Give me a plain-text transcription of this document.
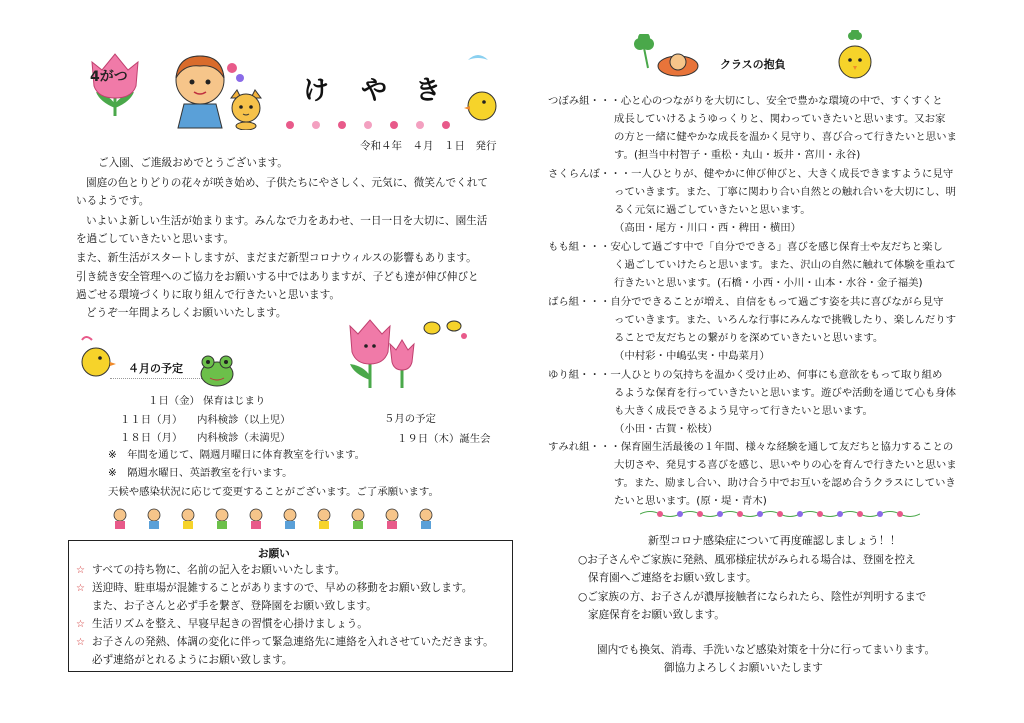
4がつ	け や き
令和４年　４月　１日　発行
ご入園、ご進級おめでとうございます。
園庭の色とりどりの花々が咲き始め、子供たちにやさしく、元気に、微笑んでくれて
いるようです。
いよいよ新しい生活が始まります。みんなで力をあわせ、一日一日を大切に、園生活
を過ごしていきたいと思います。
また、新生活がスタートしますが、まだまだ新型コロナウィルスの影響もあります。
引き続き安全管理へのご協力をお願いする中ではありますが、子ども達が伸び伸びと
過ごせる環境づくりに取り組んで行きたいと思います。
どうぞ一年間よろしくお願いいたします。
４月の予定
１日（金） 保育はじまり
１１日（月） 内科検診（以上児）
１８日（月） 内科検診（未満児）
５月の予定
１９日（木）誕生会
※　年間を通じて、隔週月曜日に体育教室を行います。
※　隔週水曜日、英語教室を行います。
天候や感染状況に応じて変更することがございます。ご了承願います。
お願い
☆ すべての持ち物に、名前の記入をお願いいたします。
☆ 送迎時、駐車場が混雑することがありますので、早めの移動をお願い致します。
また、お子さんと必ず手を繋ぎ、登降園をお願い致します。
☆ 生活リズムを整え、早寝早起きの習慣を心掛けましょう。
☆ お子さんの発熱、体調の変化に伴って緊急連絡先に連絡を入れさせていただきます。
必ず連絡がとれるようにお願い致します。
クラスの抱負
つぼみ組・・・心と心のつながりを大切にし、安全で豊かな環境の中で、すくすくと
成長していけるようゆっくりと、関わっていきたいと思います。又お家
の方と一緒に健やかな成長を温かく見守り、喜び合って行きたいと思いま
す。(担当中村智子・重松・丸山・坂井・宮川・永谷)
さくらんぼ・・・一人ひとりが、健やかに伸び伸びと、大きく成長できますように見守
っていきます。また、丁寧に関わり合い自然との触れ合いを大切にし、明
るく元気に過ごしていきたいと思います。
（高田・尾方・川口・西・稗田・横田）
もも組・・・安心して過ごす中で「自分でできる」喜びを感じ保育士や友だちと楽し
く過ごしていけたらと思います。また、沢山の自然に触れて体験を重ねて
行きたいと思います。(石橋・小西・小川・山本・水谷・金子福美)
ばら組・・・自分でできることが増え、自信をもって過ごす姿を共に喜びながら見守
っていきます。また、いろんな行事にみんなで挑戦したり、楽しんだりす
ることで友だちとの繋がりを深めていきたいと思います。
（中村彩・中嶋弘実・中島菜月）
ゆり組・・・一人ひとりの気持ちを温かく受け止め、何事にも意欲をもって取り組め
るような保育を行っていきたいと思います。遊びや活動を通じて心も身体
も大きく成長できるよう見守って行きたいと思います。
（小田・古賀・松枝）
すみれ組・・・保育園生活最後の１年間、様々な経験を通して友だちと協力することの
大切さや、発見する喜びを感じ、思いやりの心を育んで行きたいと思いま
す。また、励まし合い、助け合う中でお互いを認め合うクラスにしていき
たいと思います。(原・堤・青木)
新型コロナ感染症について再度確認しましょう！！
○お子さんやご家族に発熱、風邪様症状がみられる場合は、登園を控え
保育園へご連絡をお願い致します。
○ご家族の方、お子さんが濃厚接触者になられたら、陰性が判明するまで
家庭保育をお願い致します。
園内でも換気、消毒、手洗いなど感染対策を十分に行ってまいります。
御協力よろしくお願いいたします
